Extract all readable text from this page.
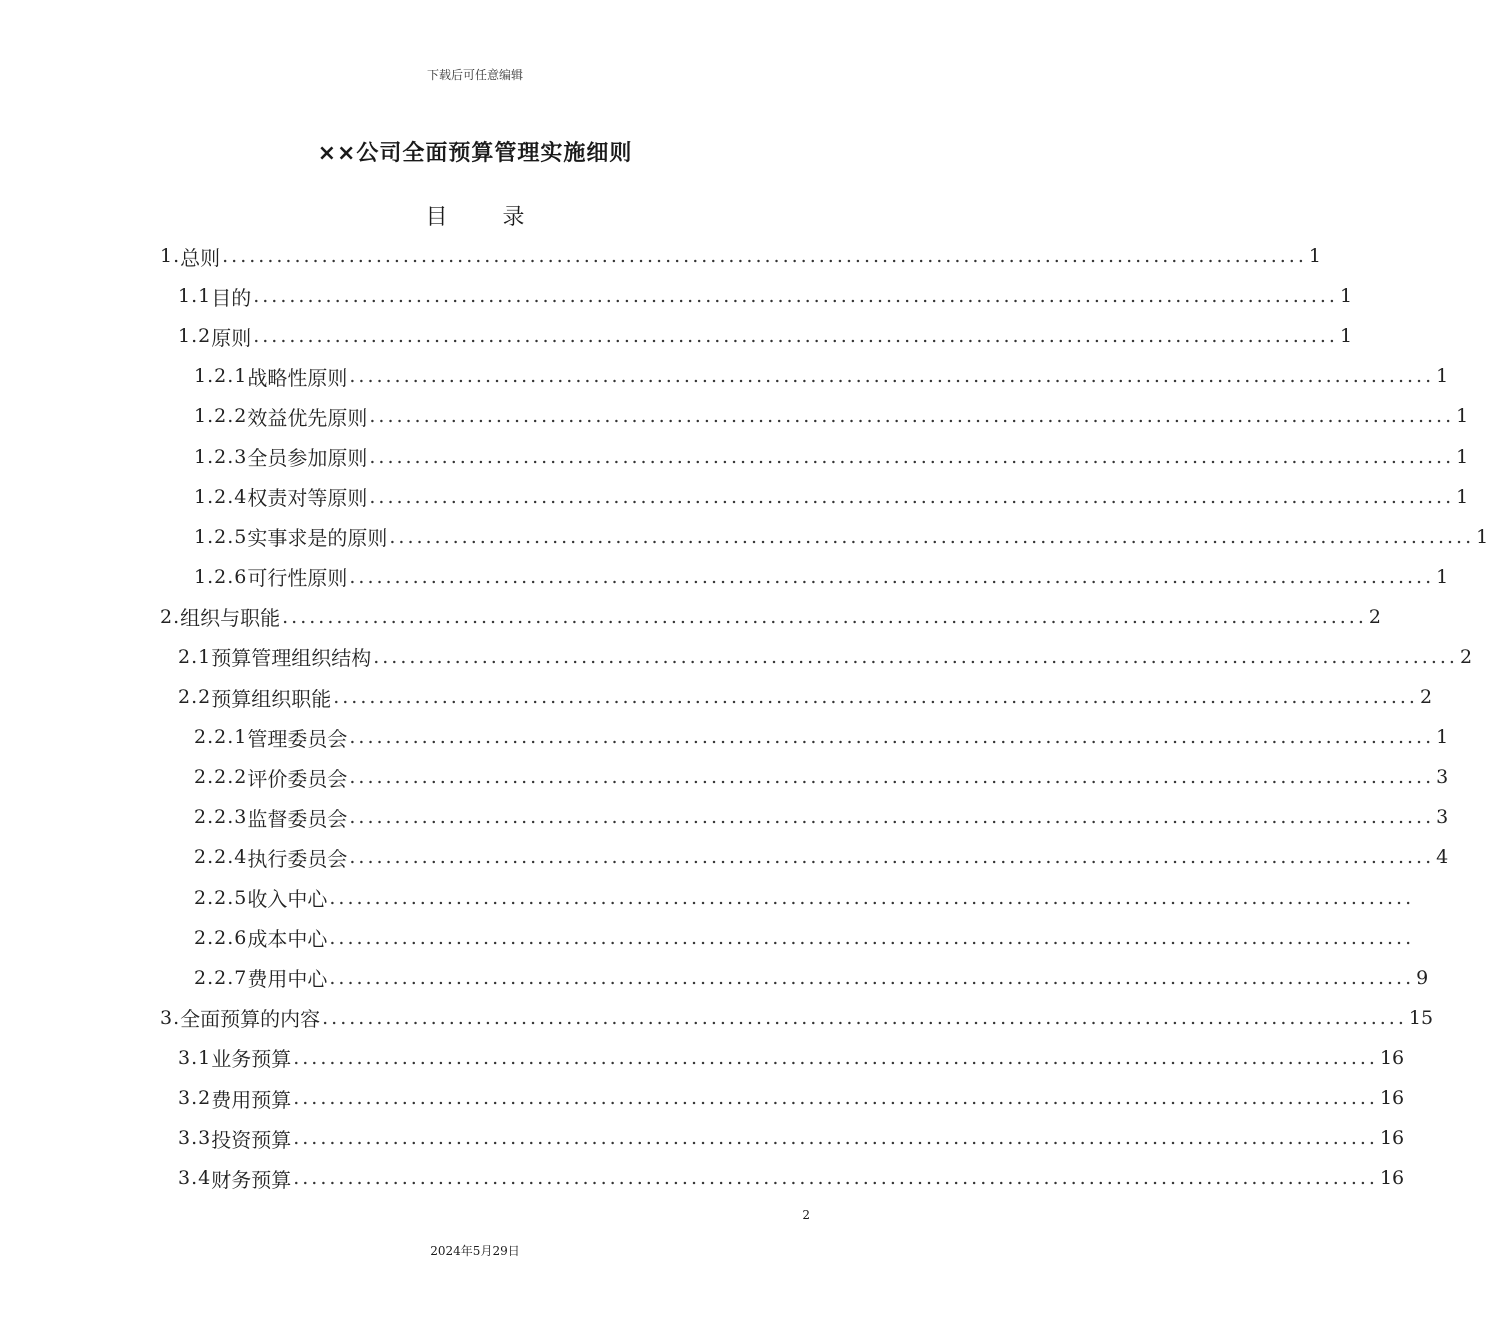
下载后可任意编辑
××公司全面预算管理实施细则
目 录
1. 总则 ........................................................................................................................ 1
1.1 目的 ........................................................................................................................ 1
1.2 原则 ........................................................................................................................ 1
1.2.1 战略性原则 ........................................................................................................................ 1
1.2.2 效益优先原则 ........................................................................................................................ 1
1.2.3 全员参加原则 ........................................................................................................................ 1
1.2.4 权责对等原则 ........................................................................................................................ 1
1.2.5 实事求是的原则 ........................................................................................................................ 1
1.2.6 可行性原则 ........................................................................................................................ 1
2. 组织与职能 ........................................................................................................................ 2
2.1 预算管理组织结构 ........................................................................................................................ 2
2.2 预算组织职能 ........................................................................................................................ 2
2.2.1 管理委员会 ........................................................................................................................ 1
2.2.2 评价委员会 ........................................................................................................................ 3
2.2.3 监督委员会 ........................................................................................................................ 3
2.2.4 执行委员会 ........................................................................................................................ 4
2.2.5 收入中心 ........................................................................................................................
2.2.6 成本中心 ........................................................................................................................
2.2.7 费用中心 ........................................................................................................................ 9
3. 全面预算的内容 ........................................................................................................................ 15
3.1 业务预算 ........................................................................................................................ 16
3.2 费用预算 ........................................................................................................................ 16
3.3 投资预算 ........................................................................................................................ 16
3.4 财务预算 ........................................................................................................................ 16
2
2024年5月29日
